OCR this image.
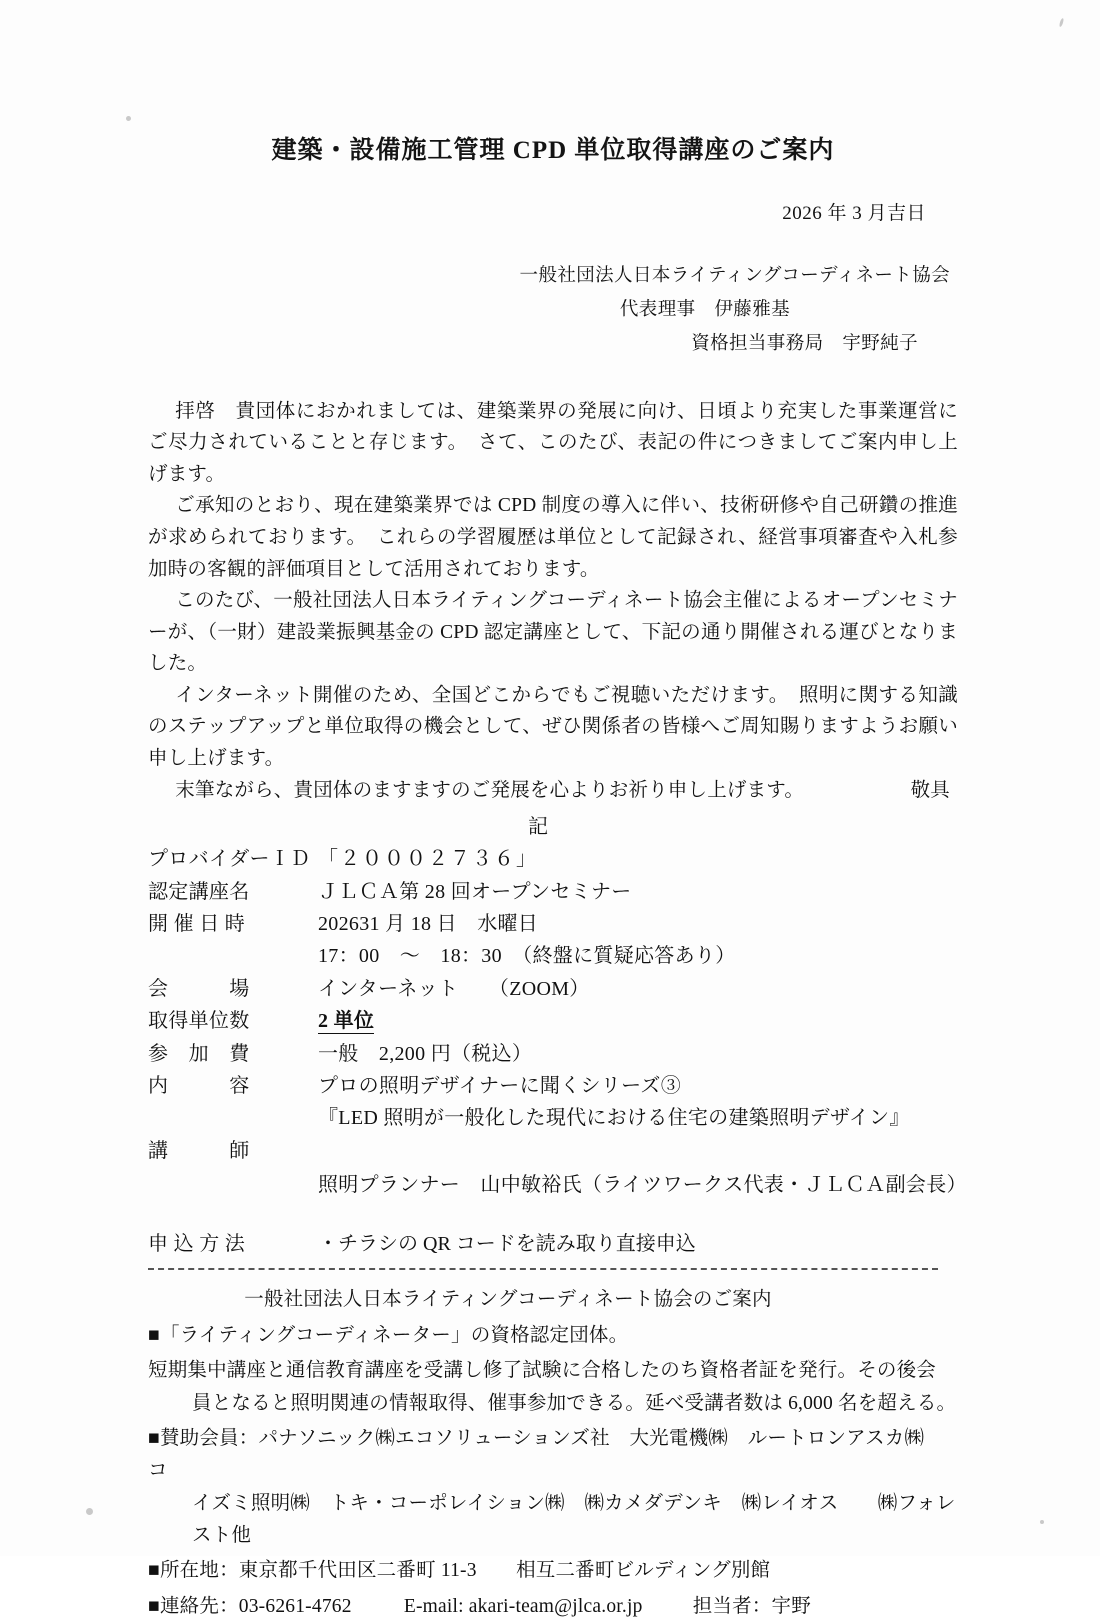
建築・設備施工管理 CPD 単位取得講座のご案内
2026 年 3 月吉日
一般社団法人日本ライティングコーディネート協会
代表理事　伊藤雅基
資格担当事務局　宇野純子

拝啓　貴団体におかれましては、建築業界の発展に向け、日頃より充実した事業運営にご尽力されていることと存じます。　さて、このたび、表記の件につきましてご案内申し上げます。

ご承知のとおり、現在建築業界では CPD 制度の導入に伴い、技術研修や自己研鑽の推進が求められております。　これらの学習履歴は単位として記録され、経営事項審査や入札参加時の客観的評価項目として活用されております。

このたび、一般社団法人日本ライティングコーディネート協会主催によるオープンセミナーが、（一財）建設業振興基金の CPD 認定講座として、下記の通り開催される運びとなりました。

インターネット開催のため、全国どこからでもご視聴いただけます。　照明に関する知識のステップアップと単位取得の機会として、ぜひ関係者の皆様へご周知賜りますようお願い申し上げます。

敬具
末筆ながら、貴団体のますますのご発展を心よりお祈り申し上げます。

記
プロバイダーＩＤ 「２０００２７３６」
認定講座名	ＪＬＣＡ第 28 回オープンセミナー
開 催 日 時	202631 月 18 日　水曜日
17：00　〜　18：30　（終盤に質疑応答あり）
会　　　場	インターネット　　（ZOOM）
取得単位数	2 単位
参　加　費	一般　2,200 円（税込）
内　　　容	プロの照明デザイナーに聞くシリーズ③
『LED 照明が一般化した現代における住宅の建築照明デザイン』
講　　　師
照明プランナー　山中敏裕氏（ライツワークス代表・ＪＬＣＡ副会長）
申 込 方 法	・チラシの QR コードを読み取り直接申込
一般社団法人日本ライティングコーディネート協会のご案内
■「ライティングコーディネーター」の資格認定団体。
短期集中講座と通信教育講座を受講し修了試験に合格したのち資格者証を発行。その後会
員となると照明関連の情報取得、催事参加できる。延べ受講者数は 6,000 名を超える。
■賛助会員：パナソニック㈱エコソリューションズ社　大光電機㈱　ルートロンアスカ㈱　コ
イズミ照明㈱　トキ・コーポレイション㈱　㈱カメダデンキ　㈱レイオス　　㈱フォレスト他
■所在地：東京都千代田区二番町 11-3　　相互二番町ビルディング別館
■連絡先：03-6261-4762	E-mail: akari-team@jlca.or.jp	担当者：宇野
